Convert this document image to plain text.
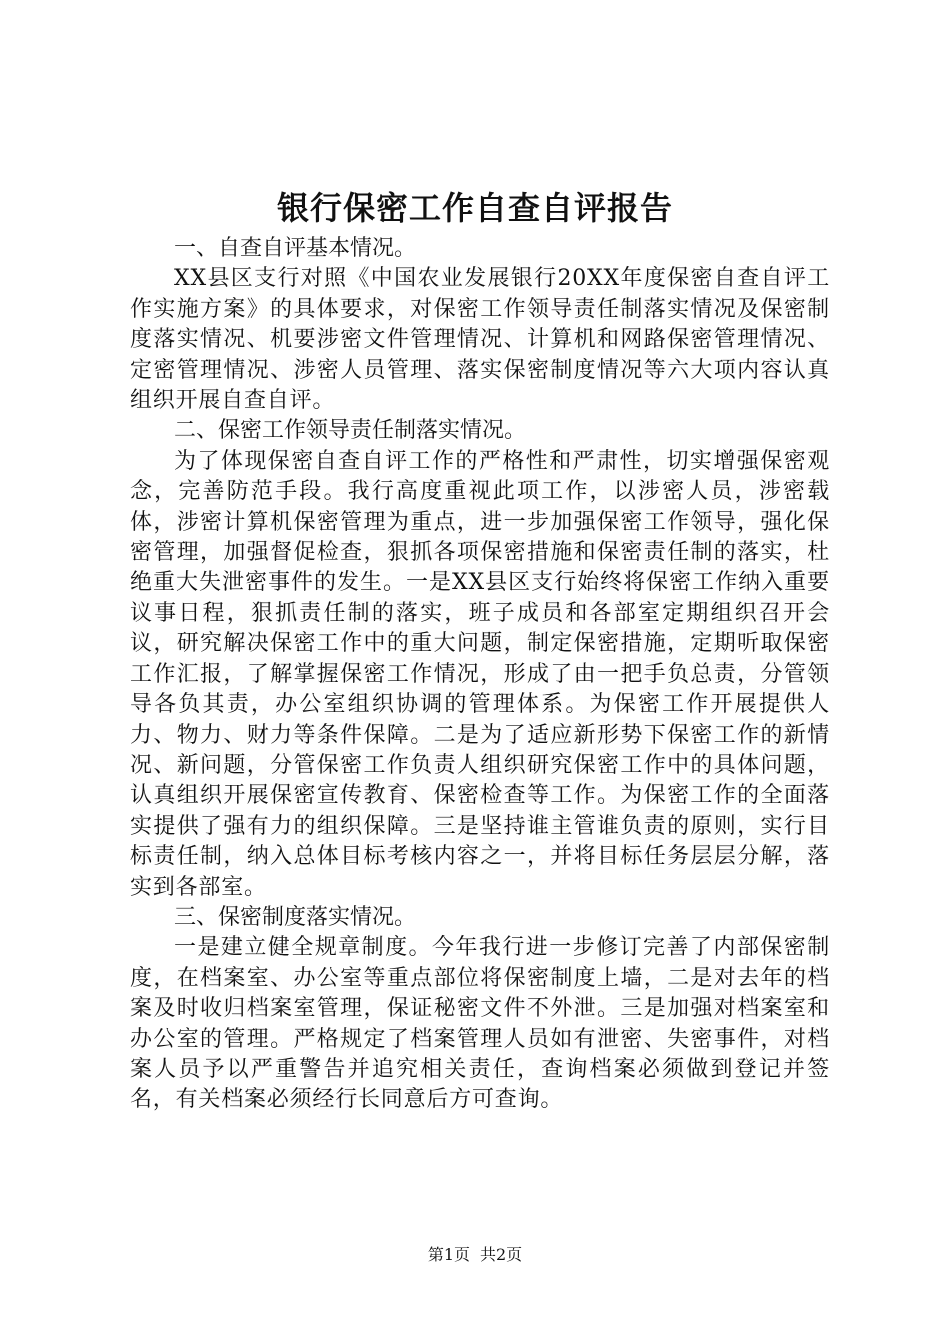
银行保密工作自查自评报告

一、自查自评基本情况。

XX县区支行对照《中国农业发展银行20XX年度保密自查自评工作实施方案》的具体要求，对保密工作领导责任制落实情况及保密制度落实情况、机要涉密文件管理情况、计算机和网路保密管理情况、定密管理情况、涉密人员管理、落实保密制度情况等六大项内容认真组织开展自查自评。

二、保密工作领导责任制落实情况。

为了体现保密自查自评工作的严格性和严肃性，切实增强保密观念，完善防范手段。我行高度重视此项工作，以涉密人员，涉密载体，涉密计算机保密管理为重点，进一步加强保密工作领导，强化保密管理，加强督促检查，狠抓各项保密措施和保密责任制的落实，杜绝重大失泄密事件的发生。一是XX县区支行始终将保密工作纳入重要议事日程，狠抓责任制的落实，班子成员和各部室定期组织召开会议，研究解决保密工作中的重大问题，制定保密措施，定期听取保密工作汇报，了解掌握保密工作情况，形成了由一把手负总责，分管领导各负其责，办公室组织协调的管理体系。为保密工作开展提供人力、物力、财力等条件保障。二是为了适应新形势下保密工作的新情况、新问题，分管保密工作负责人组织研究保密工作中的具体问题，认真组织开展保密宣传教育、保密检查等工作。为保密工作的全面落实提供了强有力的组织保障。三是坚持谁主管谁负责的原则，实行目标责任制，纳入总体目标考核内容之一，并将目标任务层层分解，落实到各部室。

三、保密制度落实情况。

一是建立健全规章制度。今年我行进一步修订完善了内部保密制度，在档案室、办公室等重点部位将保密制度上墙，二是对去年的档案及时收归档案室管理，保证秘密文件不外泄。三是加强对档案室和办公室的管理。严格规定了档案管理人员如有泄密、失密事件，对档案人员予以严重警告并追究相关责任，查询档案必须做到登记并签名，有关档案必须经行长同意后方可查询。

第1页 共2页
